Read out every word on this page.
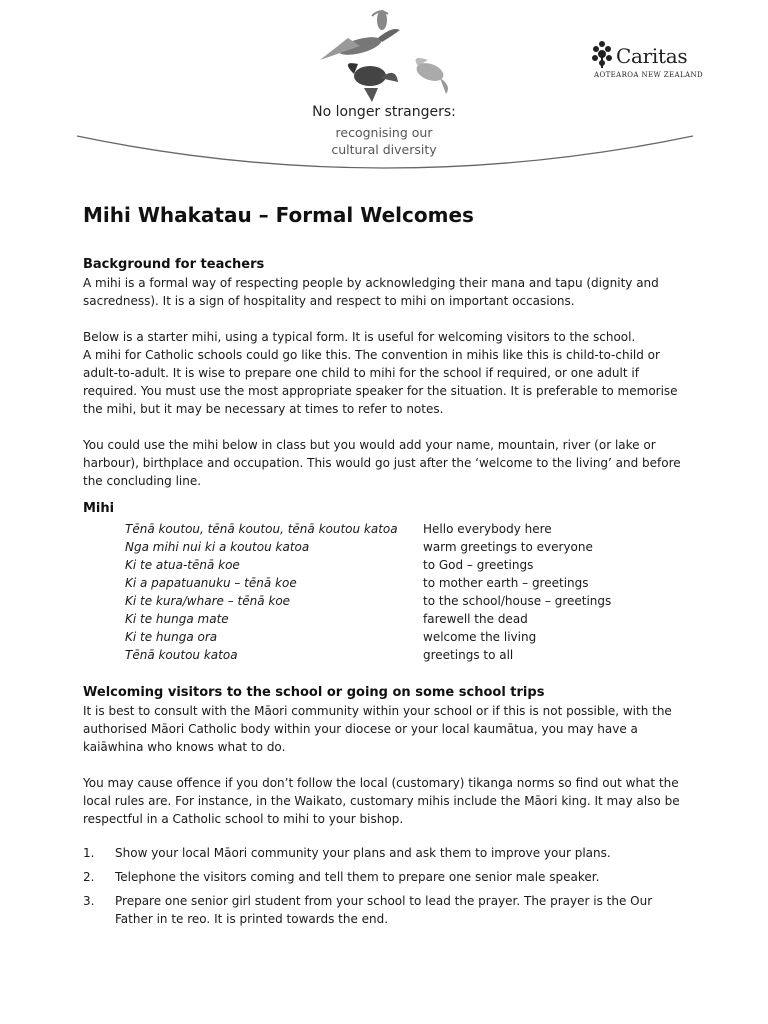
No longer strangers:
recognising our
cultural diversity
Caritas
AOTEAROA NEW ZEALAND
Mihi Whakatau – Formal Welcomes
Background for teachers

A mihi is a formal way of respecting people by acknowledging their mana and tapu (dignity and sacredness). It is a sign of hospitality and respect to mihi on important occasions.

Below is a starter mihi, using a typical form. It is useful for welcoming visitors to the school.
A mihi for Catholic schools could go like this. The convention in mihis like this is child-to-child or adult-to-adult. It is wise to prepare one child to mihi for the school if required, or one adult if required. You must use the most appropriate speaker for the situation. It is preferable to memorise the mihi, but it may be necessary at times to refer to notes.

You could use the mihi below in class but you would add your name, mountain, river (or lake or harbour), birthplace and occupation. This would go just after the ‘welcome to the living’ and before the concluding line.

Mihi
Tēnā koutou, tēnā koutou, tēnā koutou katoa	Hello everybody here
Nga mihi nui ki a koutou katoa	warm greetings to everyone
Ki te atua-tēnā koe	to God – greetings
Ki a papatuanuku – tēnā koe	to mother earth – greetings
Ki te kura/whare – tēnā koe	to the school/house – greetings
Ki te hunga mate	farewell the dead
Ki te hunga ora	welcome the living
Tēnā koutou katoa	greetings to all
Welcoming visitors to the school or going on some school trips

It is best to consult with the Māori community within your school or if this is not possible, with the authorised Māori Catholic body within your diocese or your local kaumātua, you may have a kaiāwhina who knows what to do.

You may cause offence if you don’t follow the local (customary) tikanga norms so find out what the local rules are. For instance, in the Waikato, customary mihis include the Māori king. It may also be respectful in a Catholic school to mihi to your bishop.

1.	Show your local Māori community your plans and ask them to improve your plans.
2.	Telephone the visitors coming and tell them to prepare one senior male speaker.
3.	Prepare one senior girl student from your school to lead the prayer. The prayer is the Our Father in te reo. It is printed towards the end.
